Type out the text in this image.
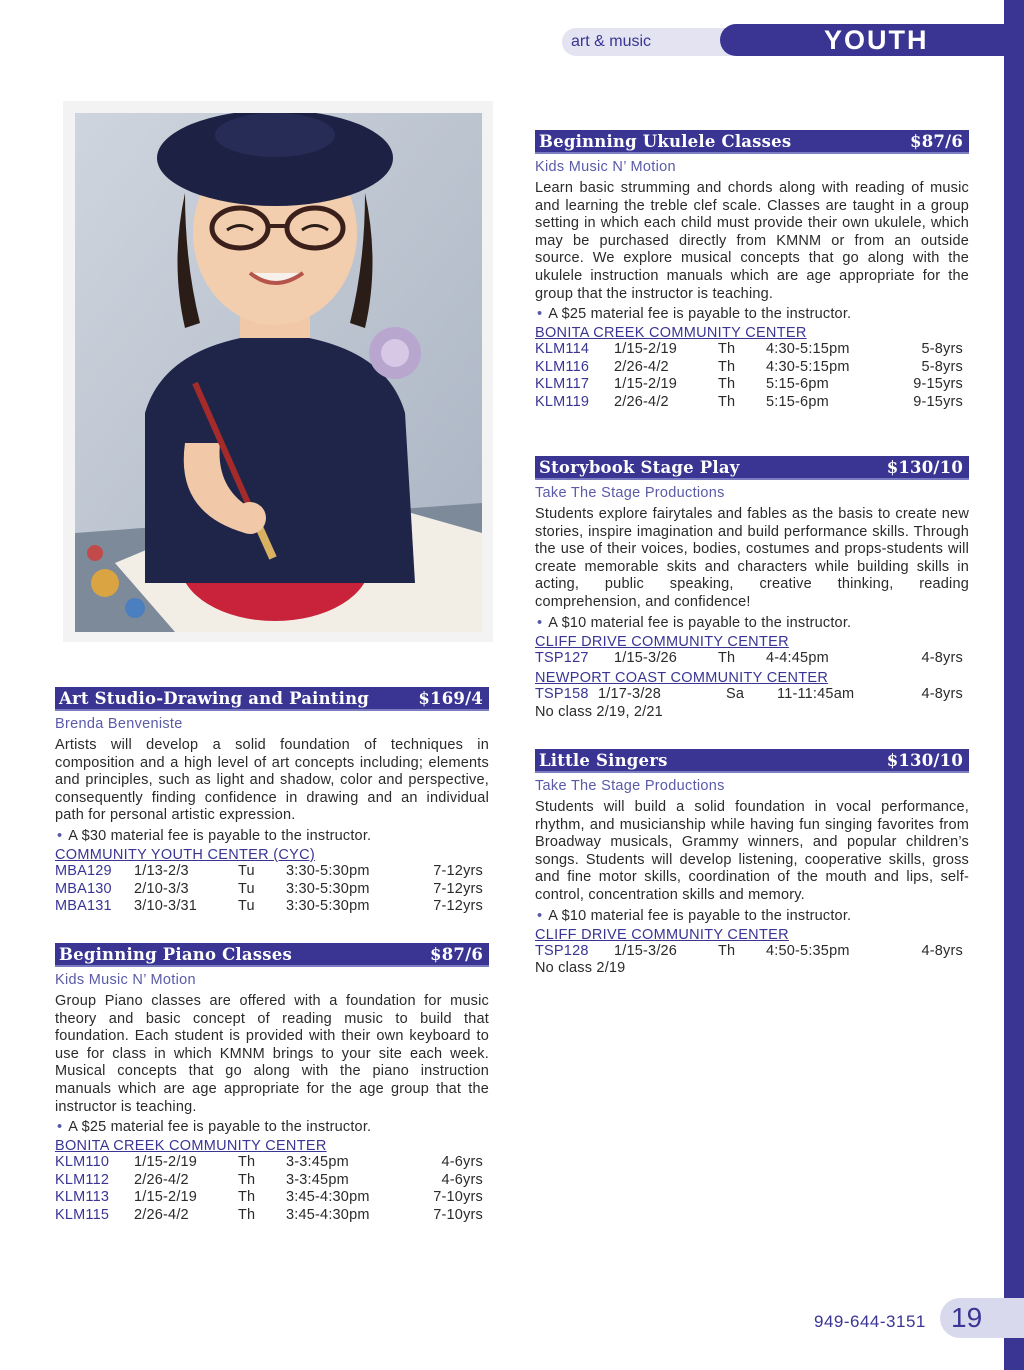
art & music	YOUTH
Art Studio-Drawing and Painting	$169/4
Brenda Benveniste
Artists will develop a solid foundation of techniques in composition and a high level of art concepts including; elements and principles, such as light and shadow, color and perspective, consequently finding confidence in drawing and an individual path for personal artistic expression.
• A $30 material fee is payable to the instructor.
COMMUNITY YOUTH CENTER (CYC)
MBA129	1/13-2/3	Tu	3:30-5:30pm	7-12yrs
MBA130	2/10-3/3	Tu	3:30-5:30pm	7-12yrs
MBA131	3/10-3/31	Tu	3:30-5:30pm	7-12yrs
Beginning Piano Classes	$87/6
Kids Music N’ Motion
Group Piano classes are offered with a foundation for music theory and basic concept of reading music to build that foundation. Each student is provided with their own keyboard to use for class in which KMNM brings to your site each week. Musical concepts that go along with the piano instruction manuals which are age appropriate for the age group that the instructor is teaching.
• A $25 material fee is payable to the instructor.
BONITA CREEK COMMUNITY CENTER
KLM110	1/15-2/19	Th	3-3:45pm	4-6yrs
KLM112	2/26-4/2	Th	3-3:45pm	4-6yrs
KLM113	1/15-2/19	Th	3:45-4:30pm	7-10yrs
KLM115	2/26-4/2	Th	3:45-4:30pm	7-10yrs
Beginning Ukulele Classes	$87/6
Kids Music N’ Motion
Learn basic strumming and chords along with reading of music and learning the treble clef scale. Classes are taught in a group setting in which each child must provide their own ukulele, which may be purchased directly from KMNM or from an outside source. We explore musical concepts that go along with the ukulele instruction manuals which are age appropriate for the group that the instructor is teaching.
• A $25 material fee is payable to the instructor.
BONITA CREEK COMMUNITY CENTER
KLM114	1/15-2/19	Th	4:30-5:15pm	5-8yrs
KLM116	2/26-4/2	Th	4:30-5:15pm	5-8yrs
KLM117	1/15-2/19	Th	5:15-6pm	9-15yrs
KLM119	2/26-4/2	Th	5:15-6pm	9-15yrs
Storybook Stage Play	$130/10
Take The Stage Productions
Students explore fairytales and fables as the basis to create new stories, inspire imagination and build performance skills. Through the use of their voices, bodies, costumes and props-students will create memorable skits and characters while building skills in acting, public speaking, creative thinking, reading comprehension, and confidence!
• A $10 material fee is payable to the instructor.
CLIFF DRIVE COMMUNITY CENTER
TSP127	1/15-3/26	Th	4-4:45pm	4-8yrs
NEWPORT COAST COMMUNITY CENTER
TSP158 1/17-3/28	Sa	11-11:45am	4-8yrs
No class 2/19, 2/21
Little Singers	$130/10
Take The Stage Productions
Students will build a solid foundation in vocal performance, rhythm, and musicianship while having fun singing favorites from Broadway musicals, Grammy winners, and popular children’s songs. Students will develop listening, cooperative skills, gross and fine motor skills, coordination of the mouth and lips, self-control, concentration skills and memory.
• A $10 material fee is payable to the instructor.
CLIFF DRIVE COMMUNITY CENTER
TSP128	1/15-3/26	Th	4:50-5:35pm	4-8yrs
No class 2/19
949-644-3151 19
